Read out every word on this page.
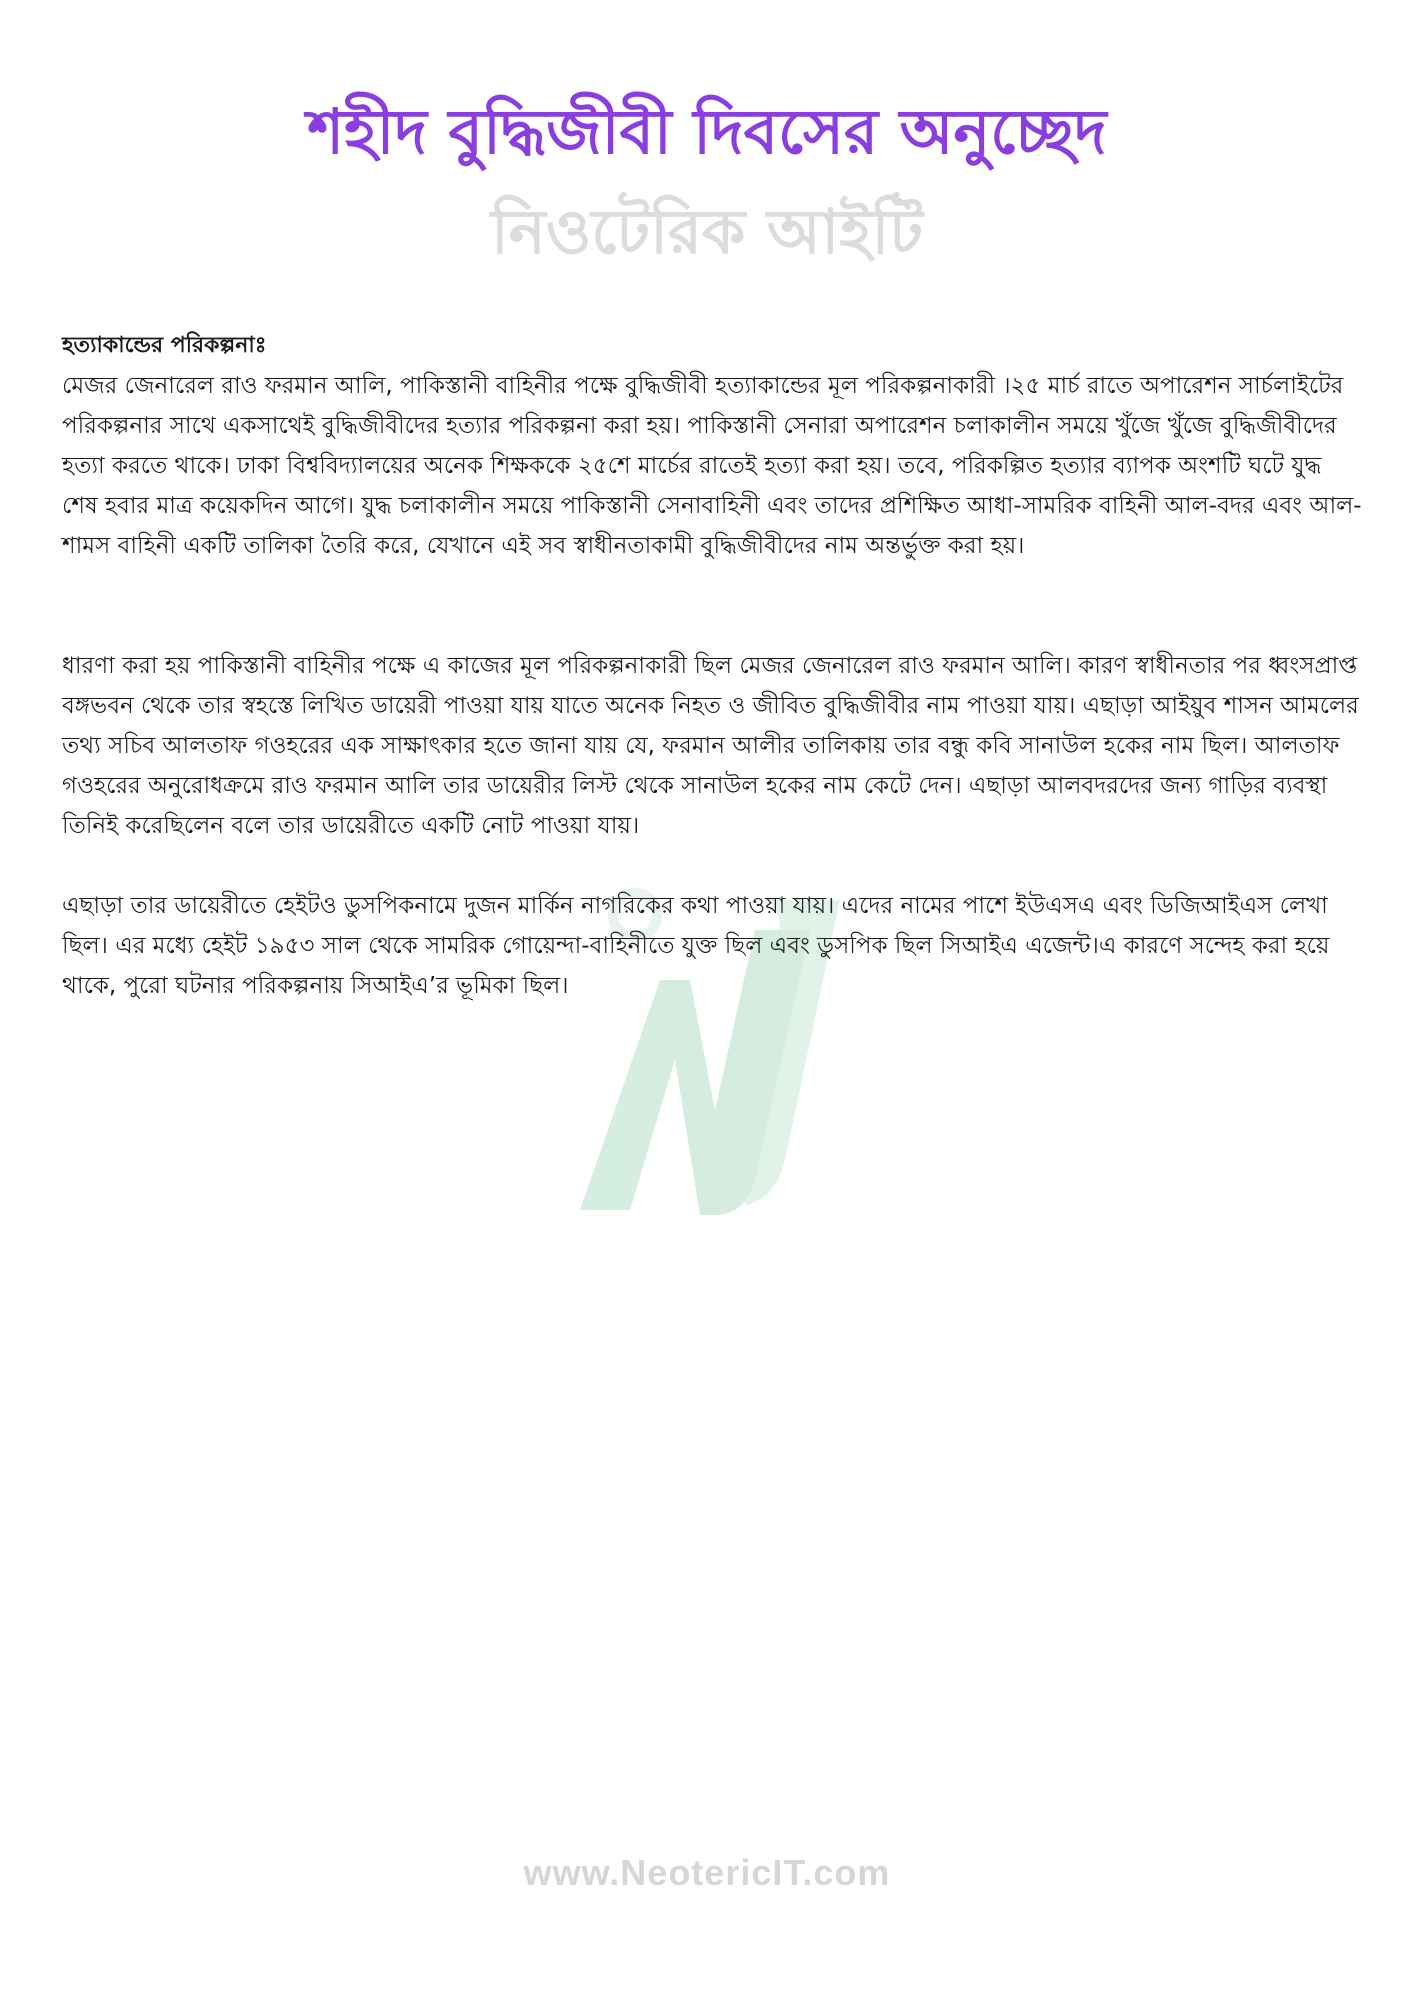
শহীদ বুদ্ধিজীবী দিবসের অনুচ্ছেদ
নিওটেরিক আইটি

হত্যাকান্ডের পরিকল্পনাঃ

মেজর জেনারেল রাও ফরমান আলি, পাকিস্তানী বাহিনীর পক্ষে বুদ্ধিজীবী হত্যাকান্ডের মূল পরিকল্পনাকারী ।২৫ মার্চ রাতে অপারেশন সার্চলাইটের পরিকল্পনার সাথে একসাথেই বুদ্ধিজীবীদের হত্যার পরিকল্পনা করা হয়। পাকিস্তানী সেনারা অপারেশন চলাকালীন সময়ে খুঁজে খুঁজে বুদ্ধিজীবীদের হত্যা করতে থাকে। ঢাকা বিশ্ববিদ্যালয়ের অনেক শিক্ষককে ২৫শে মার্চের রাতেই হত্যা করা হয়। তবে, পরিকল্পিত হত্যার ব্যাপক অংশটি ঘটে যুদ্ধ শেষ হবার মাত্র কয়েকদিন আগে। যুদ্ধ চলাকালীন সময়ে পাকিস্তানী সেনাবাহিনী এবং তাদের প্রশিক্ষিত আধা-সামরিক বাহিনী আল-বদর এবং আল- শামস বাহিনী একটি তালিকা তৈরি করে, যেখানে এই সব স্বাধীনতাকামী বুদ্ধিজীবীদের নাম অন্তর্ভুক্ত করা হয়।

ধারণা করা হয় পাকিস্তানী বাহিনীর পক্ষে এ কাজের মূল পরিকল্পনাকারী ছিল মেজর জেনারেল রাও ফরমান আলি। কারণ স্বাধীনতার পর ধ্বংসপ্রাপ্ত বঙ্গভবন থেকে তার স্বহস্তে লিখিত ডায়েরী পাওয়া যায় যাতে অনেক নিহত ও জীবিত বুদ্ধিজীবীর নাম পাওয়া যায়। এছাড়া আইয়ুব শাসন আমলের তথ্য সচিব আলতাফ গওহরের এক সাক্ষাৎকার হতে জানা যায় যে, ফরমান আলীর তালিকায় তার বন্ধু কবি সানাউল হকের নাম ছিল। আলতাফ গওহরের অনুরোধক্রমে রাও ফরমান আলি তার ডায়েরীর লিস্ট থেকে সানাউল হকের নাম কেটে দেন। এছাড়া আলবদরদের জন্য গাড়ির ব্যবস্থা তিনিই করেছিলেন বলে তার ডায়েরীতে একটি নোট পাওয়া যায়।

এছাড়া তার ডায়েরীতে হেইটও ডুসপিকনামে দুজন মার্কিন নাগরিকের কথা পাওয়া যায়। এদের নামের পাশে ইউএসএ এবং ডিজিআইএস লেখা ছিল। এর মধ্যে হেইট ১৯৫৩ সাল থেকে সামরিক গোয়েন্দা-বাহিনীতে যুক্ত ছিল এবং ডুসপিক ছিল সিআইএ এজেন্ট।এ কারণে সন্দেহ করা হয়ে থাকে, পুরো ঘটনার পরিকল্পনায় সিআইএ’র ভূমিকা ছিল।

www.NeotericIT.com
